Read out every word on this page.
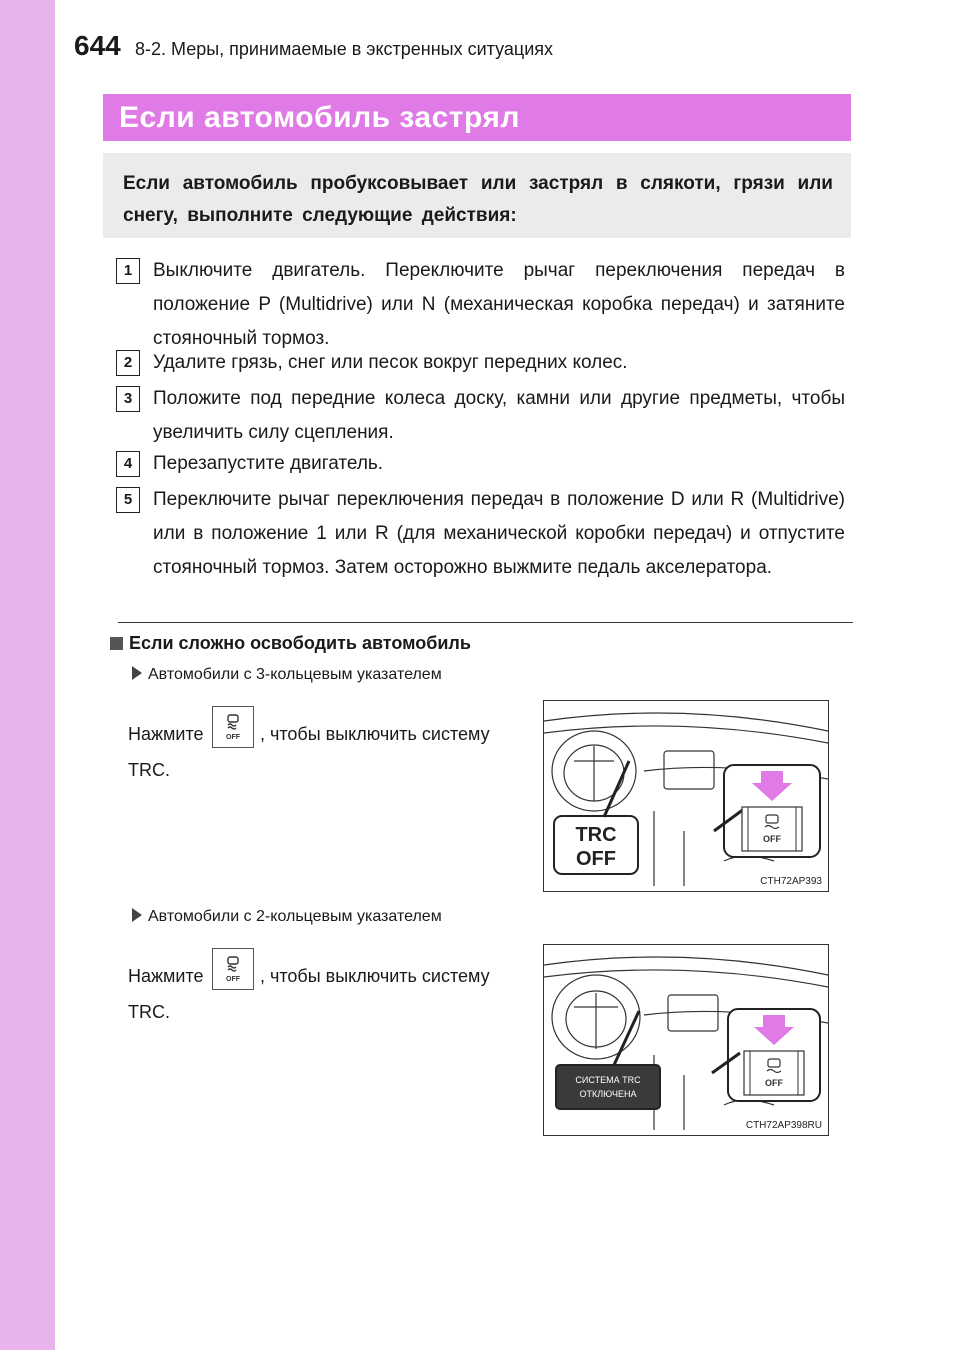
644 8-2. Меры, принимаемые в экстренных ситуациях
Если автомобиль застрял
Если автомобиль пробуксовывает или застрял в слякоти, грязи или снегу, выполните следующие действия:
1	Выключите двигатель. Переключите рычаг переключения передач в положение P (Multidrive) или N (механическая коробка передач) и затяните стояночный тормоз.
2	Удалите грязь, снег или песок вокруг передних колес.
3	Положите под передние колеса доску, камни или другие предметы, чтобы увеличить силу сцепления.
4	Перезапустите двигатель.
5	Переключите рычаг переключения передач в положение D или R (Multidrive) или в положение 1 или R (для механической коробки передач) и отпустите стояночный тормоз. Затем осторожно выжмите педаль акселератора.
Если сложно освободить автомобиль
Автомобили с 3-кольцевым указателем
Нажмите	OFF , чтобы выключить систему
TRC.
TRC
OFF
OFF
CTH72AP393
Автомобили с 2-кольцевым указателем
Нажмите	OFF , чтобы выключить систему
TRC.
СИСТЕМА TRC
ОТКЛЮЧЕНА
OFF
CTH72AP398RU
